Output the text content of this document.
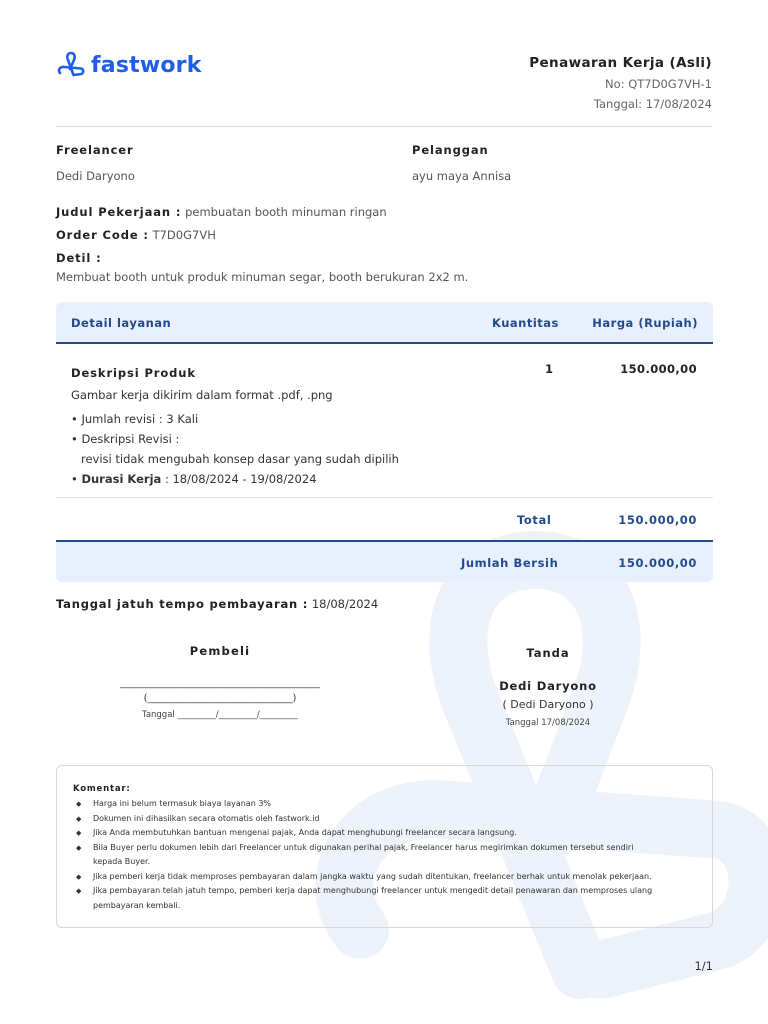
fastwork	Penawaran Kerja (Asli)
No: QT7D0G7VH-1
Tanggal: 17/08/2024
Freelancer
Dedi Daryono
Pelanggan
ayu maya Annisa
Judul Pekerjaan : pembuatan booth minuman ringan
Order Code : T7D0G7VH
Detil :
Membuat booth untuk produk minuman segar, booth berukuran 2x2 m.
Detail layanan	Kuantitas	Harga (Rupiah)
Deskripsi Produk
Gambar kerja dikirim dalam format .pdf, .png
• Jumlah revisi : 3 Kali
• Deskripsi Revisi :
revisi tidak mengubah konsep dasar yang sudah dipilih
• Durasi Kerja : 18/08/2024 - 19/08/2024
1	150.000,00
Total	150.000,00
Jumlah Bersih	150.000,00
Tanggal jatuh tempo pembayaran : 18/08/2024
Pembeli
________________________________________
(_____________________________)
Tanggal _________/_________/_________
Tanda
Dedi Daryono
( Dedi Daryono )
Tanggal 17/08/2024
Komentar:
◆ Harga ini belum termasuk biaya layanan 3%
◆ Dokumen ini dihasilkan secara otomatis oleh fastwork.id
◆ Jika Anda membutuhkan bantuan mengenai pajak, Anda dapat menghubungi freelancer secara langsung.
◆ Bila Buyer perlu dokumen lebih dari Freelancer untuk digunakan perihal pajak, Freelancer harus megirimkan dokumen tersebut sendiri
kepada Buyer.
◆ Jika pemberi kerja tidak memproses pembayaran dalam jangka waktu yang sudah ditentukan, freelancer berhak untuk menolak pekerjaan.
◆ Jika pembayaran telah jatuh tempo, pemberi kerja dapat menghubungi freelancer untuk mengedit detail penawaran dan memproses ulang
pembayaran kembali.
1/1
